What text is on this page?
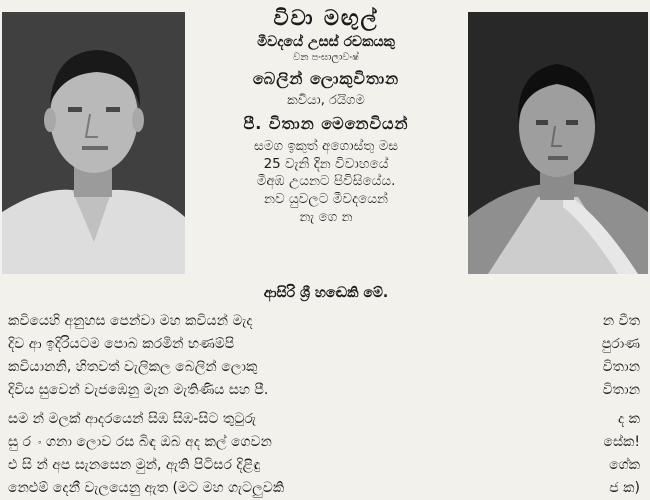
විවා මඟුල්
මීවදයේ උසස් රචකයකු
වන පංඝාලාවංෂ්
බෙලින් ලොකුවිතාන
කවියා, රයිගම
පී. විතාන මෙනෙවියන්
සමග ඉකුත් අගොස්තු මස
25 වැනි දින විවාහයේ
මීඅඹ උයනට පිවිසියේය.
නව යුවලට මීවදයෙන්
නැ ගෙ න
ආසිරි ශ්‍රී හඬෙකි මේ.
කවියෙහි අනුහස පෙන්වා මහ කවියන් මැද	න වීත
දිව ආ ඉදිරියටම පොබ කරමින් භණම්පි	පුරාණ
කවියානනි, හිතවත් වැලිකල බෙලින් ලොකු	විතාන
දිවිය සුවෙන් වැජඹෙනු මැන මැතිණිය සහ පී.	විතාන
සම න් මලක් ආදරයෙන් සිඹ සිඹ-සිට තුටුරු	ද ක
සු ර ං ගනා ලොව රස බිඳ ඔබ අද කල් ගෙවන	සේක!
එ සි න් අප සැනසෙන මුන්, ඇති පිටිසර දිළිඳු	ගේක
නෙළුම් දෙනී වැලයෙනු ඇත (මට මහ ගැටලුවකි	ජ ක)
